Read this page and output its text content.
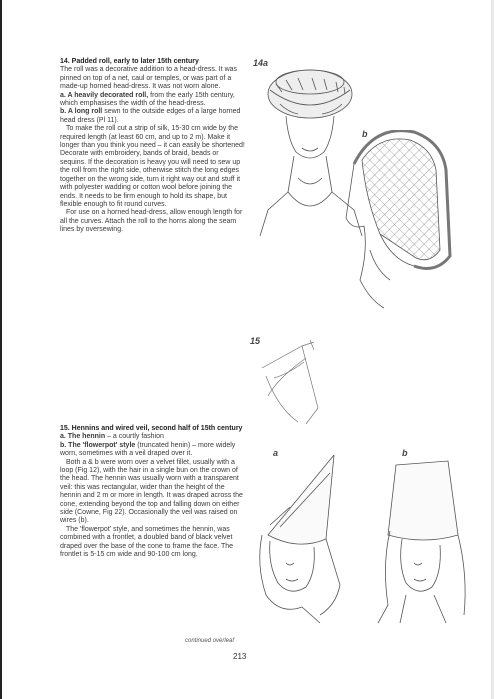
14. Padded roll, early to later 15th century

The roll was a decorative addition to a head-dress. It was pinned on top of a net, caul or temples, or was part of a made-up horned head-dress. It was not worn alone.

a. A heavily decorated roll, from the early 15th century, which emphasises the width of the head-dress.

b. A long roll sewn to the outside edges of a large horned head dress (Pl 11).

To make the roll cut a strip of silk, 15-30 cm wide by the required length (at least 60 cm, and up to 2 m). Make it longer than you think you need – it can easily be shortened! Decorate with embroidery, bands of braid, beads or sequins. If the decoration is heavy you will need to sew up the roll from the right side, otherwise stitch the long edges together on the wrong side, turn it right way out and stuff it with polyester wadding or cotton wool before joining the ends. It needs to be firm enough to hold its shape, but flexible enough to fit round curves.

For use on a horned head-dress, allow enough length for all the curves. Attach the roll to the horns along the seam lines by oversewing.

15. Hennins and wired veil, second half of 15th century

a. The hennin – a courtly fashion

b. The 'flowerpot' style (truncated henin) – more widely worn, sometimes with a veil draped over it.

Both a & b were worn over a velvet fillet, usually with a loop (Fig 12), with the hair in a single bun on the crown of the head. The hennin was usually worn with a transparent veil: this was rectangular, wider than the height of the hennin and 2 m or more in length. It was draped across the cone, extending beyond the top and falling down on either side (Cowne, Fig 22). Occasionally the veil was raised on wires (b).

The 'flowerpot' style, and sometimes the hennin, was combined with a frontlet, a doubled band of black velvet draped over the base of the cone to frame the face. The frontlet is 5-15 cm wide and 90-100 cm long.

14a
b
15
a	b
continued overleaf
213
